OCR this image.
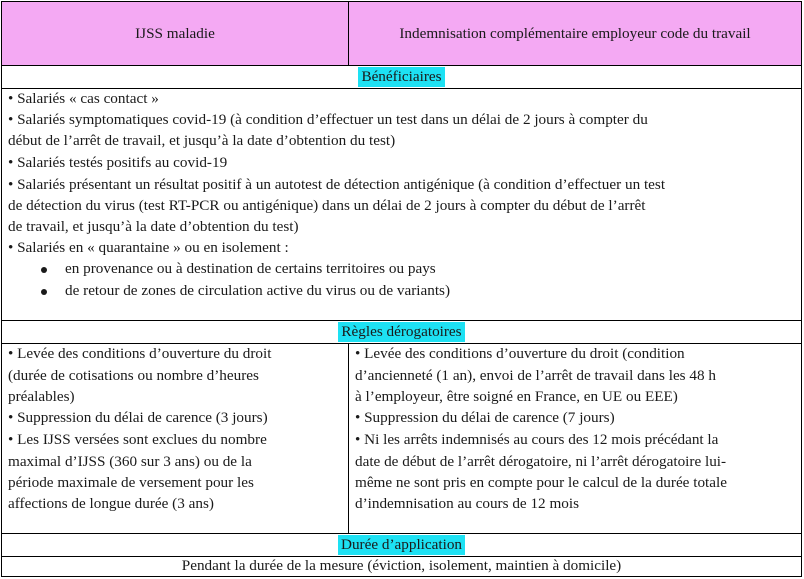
IJSS maladie	Indemnisation complémentaire employeur code du travail
Bénéficiaires
• Salariés « cas contact »
• Salariés symptomatiques covid-19 (à condition d’effectuer un test dans un délai de 2 jours à compter du
début de l’arrêt de travail, et jusqu’à la date d’obtention du test)
• Salariés testés positifs au covid-19
• Salariés présentant un résultat positif à un autotest de détection antigénique (à condition d’effectuer un test
de détection du virus (test RT-PCR ou antigénique) dans un délai de 2 jours à compter du début de l’arrêt
de travail, et jusqu’à la date d’obtention du test)
• Salariés en « quarantaine » ou en isolement :
en provenance ou à destination de certains territoires ou pays
de retour de zones de circulation active du virus ou de variants)
Règles dérogatoires
• Levée des conditions d’ouverture du droit
(durée de cotisations ou nombre d’heures
préalables)
• Suppression du délai de carence (3 jours)
• Les IJSS versées sont exclues du nombre
maximal d’IJSS (360 sur 3 ans) ou de la
période maximale de versement pour les
affections de longue durée (3 ans)
• Levée des conditions d’ouverture du droit (condition
d’ancienneté (1 an), envoi de l’arrêt de travail dans les 48 h
à l’employeur, être soigné en France, en UE ou EEE)
• Suppression du délai de carence (7 jours)
• Ni les arrêts indemnisés au cours des 12 mois précédant la
date de début de l’arrêt dérogatoire, ni l’arrêt dérogatoire lui-
même ne sont pris en compte pour le calcul de la durée totale
d’indemnisation au cours de 12 mois
Durée d’application
Pendant la durée de la mesure (éviction, isolement, maintien à domicile)
